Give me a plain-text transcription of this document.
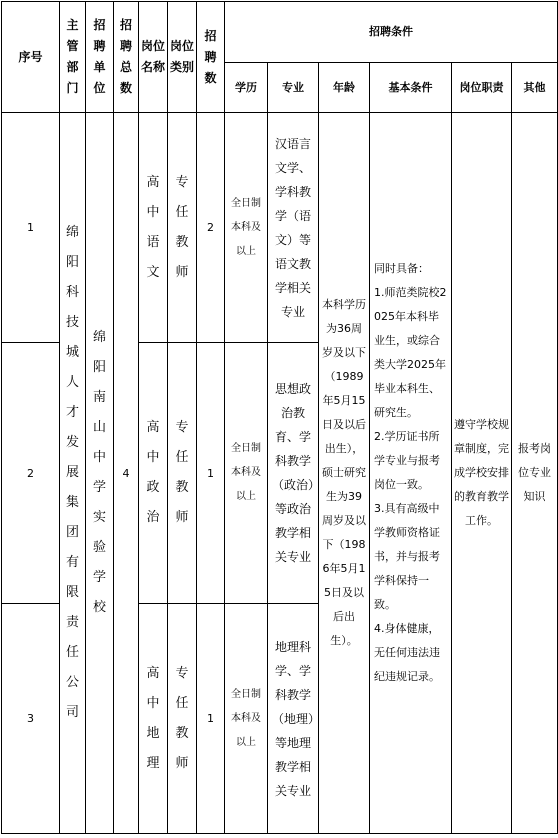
序号	主管部门	招聘单位	招聘总数	岗位名称	岗位类别	招聘数	招聘条件					
							学历	专业	年龄	基本条件	岗位职责	其他
1	绵阳科技城人才发展集团有限责任公司	绵阳南山中学实验学校	4	高中语文	专任教师	2	全日制本科及以上	汉语言文学、学科教学（语文）等语文教学相关专业	本科学历为36周岁及以下（1989年5月15日及以后出生），硕士研究生为39周岁及以下（1986年5月15日及以后出生）。	同时具备：
1.师范类院校2025年本科毕业生，或综合类大学2025年毕业本科生、研究生。
2.学历证书所学专业与报考岗位一致。
3.具有高级中学教师资格证书，并与报考学科保持一致。
4.身体健康，无任何违法违纪违规记录。	遵守学校规章制度，完成学校安排的教育教学工作。	报考岗位专业知识
2				高中政治	专任教师	1	全日制本科及以上	思想政治教育、学科教学（政治）等政治教学相关专业				
3				高中地理	专任教师	1	全日制本科及以上	地理科学、学科教学（地理）等地理教学相关专业				
